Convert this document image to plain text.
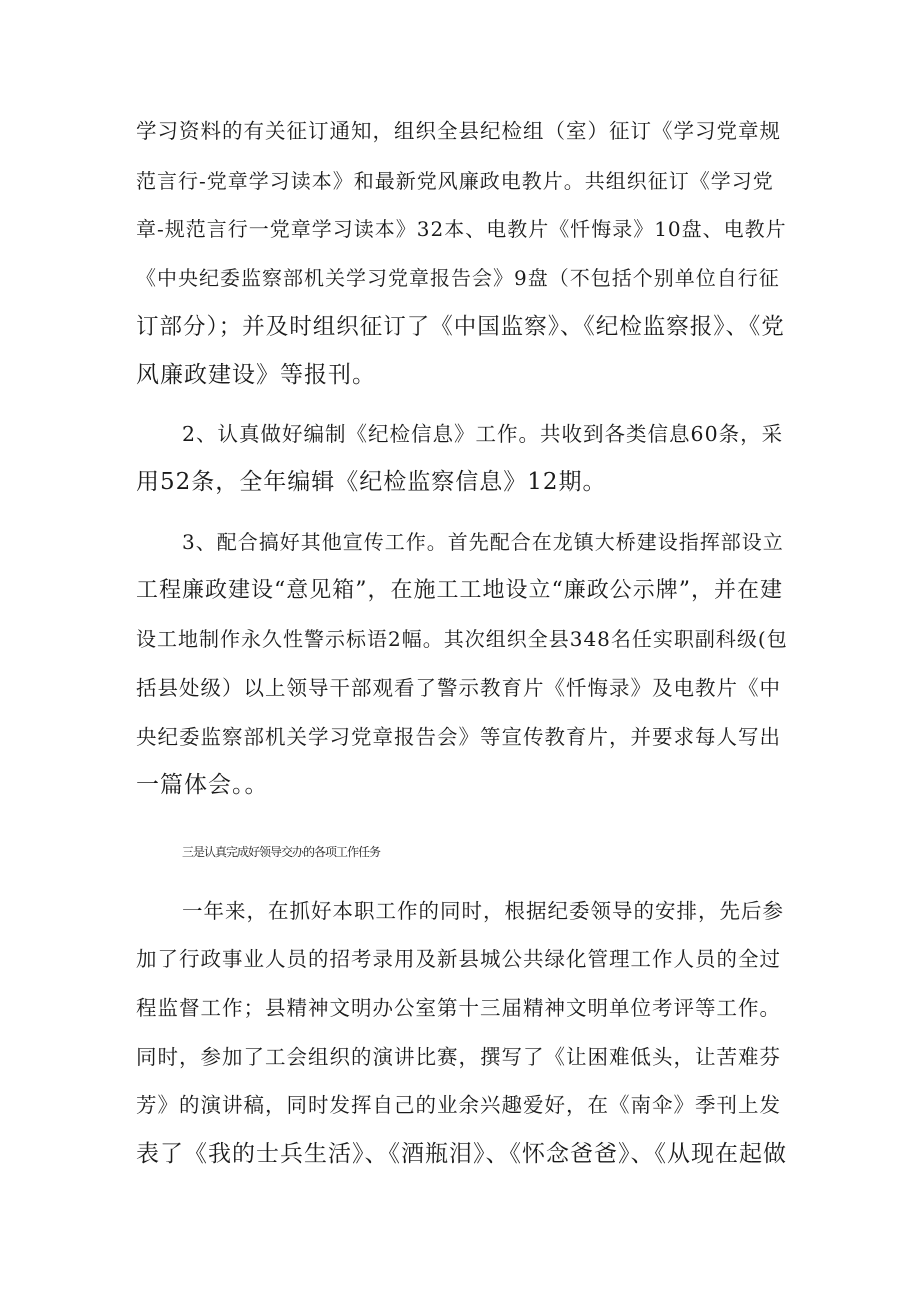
学习资料的有关征订通知，组织全县纪检组（室）征订《学习党章规
范言行-党章学习读本》和最新党风廉政电教片。共组织征订《学习党
章-规范言行一党章学习读本》32本、电教片《忏悔录》10盘、电教片
《中央纪委监察部机关学习党章报告会》9盘（不包括个别单位自行征
订部分）；并及时组织征订了《中国监察》、《纪检监察报》、《党
风廉政建设》等报刊。
2、认真做好编制《纪检信息》工作。共收到各类信息60条，采
用52条，全年编辑《纪检监察信息》12期。
3、配合搞好其他宣传工作。首先配合在龙镇大桥建设指挥部设立
工程廉政建设“意见箱”，在施工工地设立“廉政公示牌”，并在建
设工地制作永久性警示标语2幅。其次组织全县348名任实职副科级(包
括县处级）以上领导干部观看了警示教育片《忏悔录》及电教片《中
央纪委监察部机关学习党章报告会》等宣传教育片，并要求每人写出
一篇体会。。
三是认真完成好领导交办的各项工作任务
一年来，在抓好本职工作的同时，根据纪委领导的安排，先后参
加了行政事业人员的招考录用及新县城公共绿化管理工作人员的全过
程监督工作；县精神文明办公室第十三届精神文明单位考评等工作。
同时，参加了工会组织的演讲比赛，撰写了《让困难低头，让苦难芬
芳》的演讲稿，同时发挥自己的业余兴趣爱好，在《南伞》季刊上发
表了《我的士兵生活》、《酒瓶泪》、《怀念爸爸》、《从现在起做
